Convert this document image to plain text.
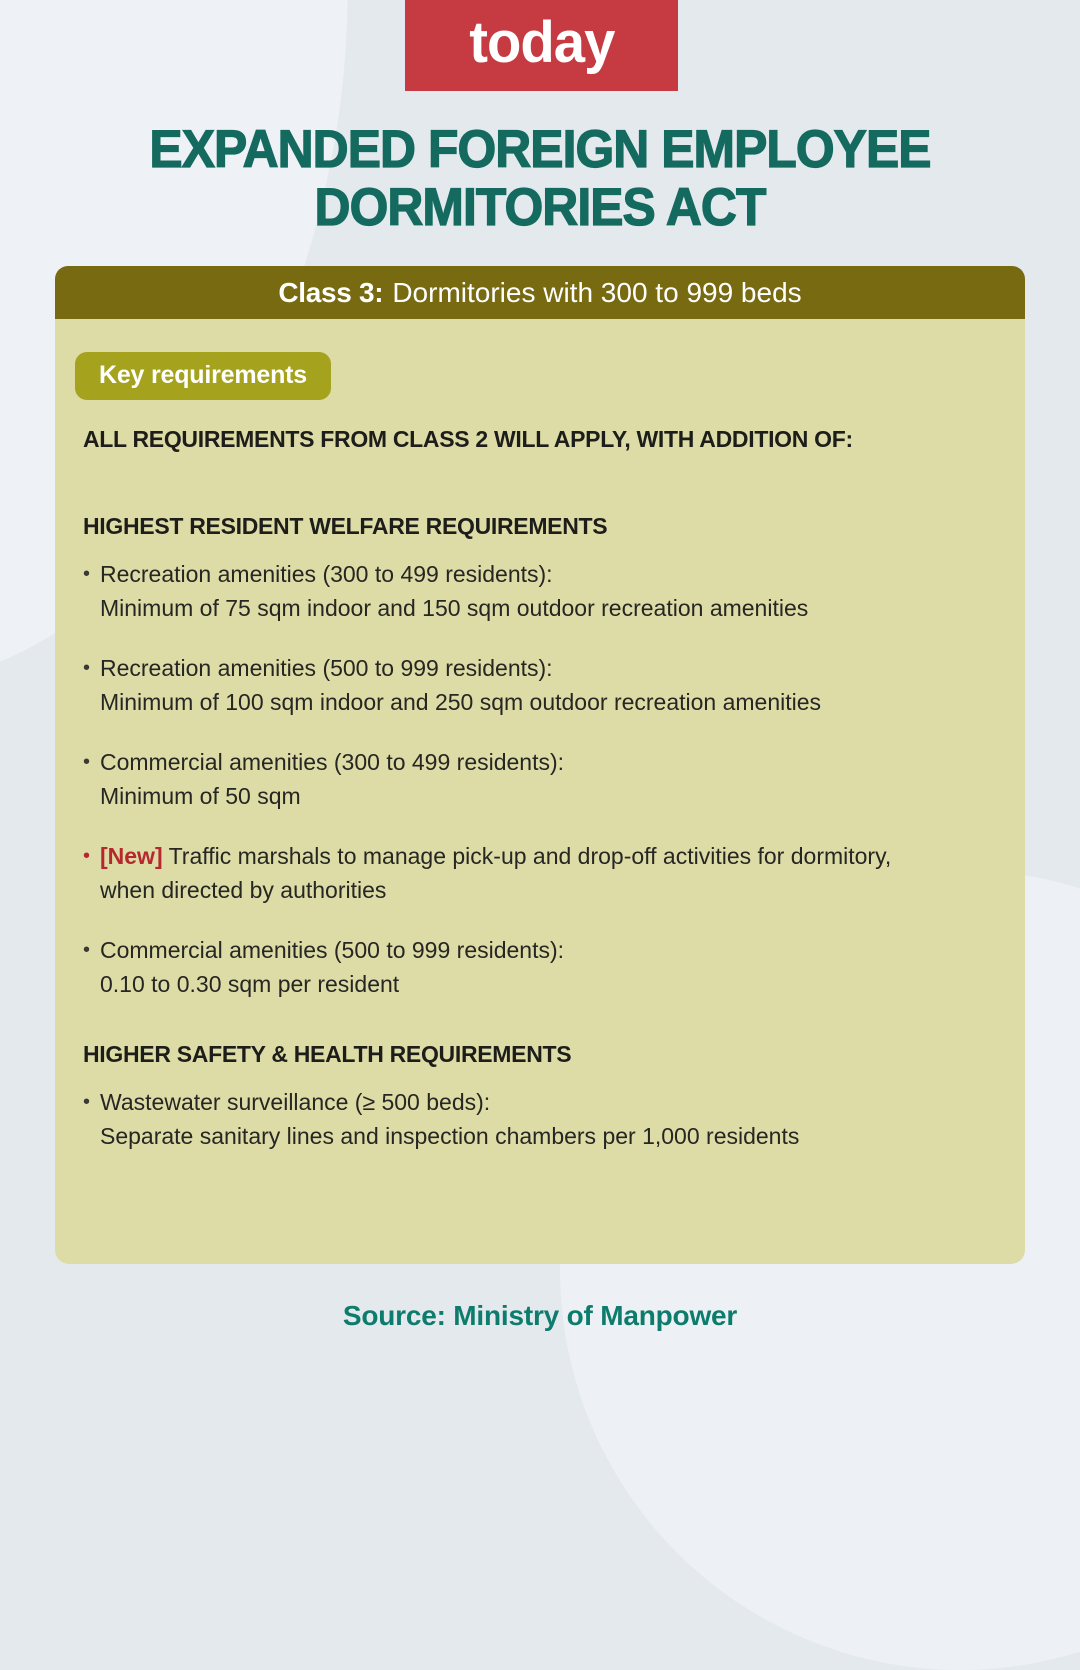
today
EXPANDED FOREIGN EMPLOYEE
DORMITORIES ACT
Class 3: Dormitories with 300 to 999 beds
Key requirements

ALL REQUIREMENTS FROM CLASS 2 WILL APPLY, WITH ADDITION OF:

HIGHEST RESIDENT WELFARE REQUIREMENTS
• Recreation amenities (300 to 499 residents):
Minimum of 75 sqm indoor and 150 sqm outdoor recreation amenities
• Recreation amenities (500 to 999 residents):
Minimum of 100 sqm indoor and 250 sqm outdoor recreation amenities
• Commercial amenities (300 to 499 residents):
Minimum of 50 sqm
• [New] Traffic marshals to manage pick-up and drop-off activities for dormitory,
when directed by authorities
• Commercial amenities (500 to 999 residents):
0.10 to 0.30 sqm per resident
HIGHER SAFETY & HEALTH REQUIREMENTS
• Wastewater surveillance (≥ 500 beds):
Separate sanitary lines and inspection chambers per 1,000 residents
Source: Ministry of Manpower
